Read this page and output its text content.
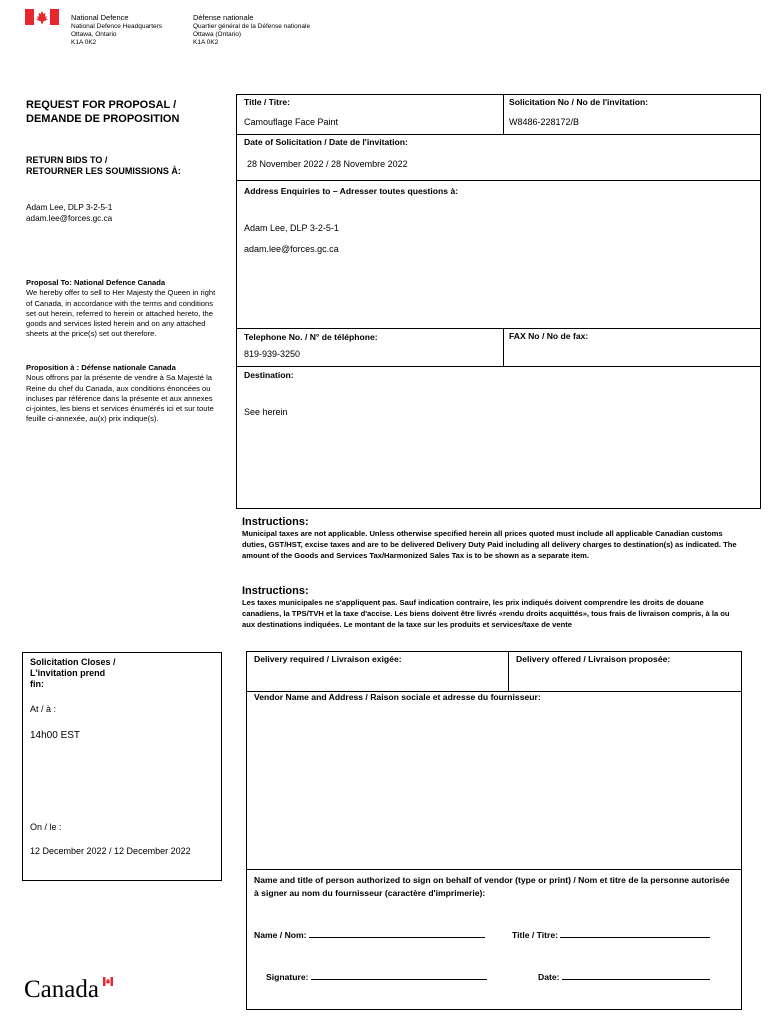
National Defence
National Defence Headquarters
Ottawa, Ontario
K1A 0K2
Défense nationale
Quartier général de la Défense nationale
Ottawa (Ontario)
K1A 0K2
REQUEST FOR PROPOSAL /
DEMANDE DE PROPOSITION
RETURN BIDS TO /
RETOURNER LES SOUMISSIONS À:
Adam Lee, DLP 3-2-5-1
adam.lee@forces.gc.ca
Proposal To: National Defence Canada
We hereby offer to sell to Her Majesty the Queen in right of Canada, in accordance with the terms and conditions set out herein, referred to herein or attached hereto, the goods and services listed herein and on any attached sheets at the price(s) set out therefore.
Proposition à : Défense nationale Canada
Nous offrons par la présente de vendre à Sa Majesté la Reine du chef du Canada, aux conditions énoncées ou incluses par référence dans la présente et aux annexes ci-jointes, les biens et services énumérés ici et sur toute feuille ci-annexée, au(x) prix indique(s).
Title / Titre:
Camouflage Face Paint
Solicitation No / No de l'invitation:
W8486-228172/B
Date of Solicitation / Date de l'invitation:
28 November 2022 / 28 Novembre 2022
Address Enquiries to – Adresser toutes questions à:
Adam Lee, DLP 3-2-5-1
adam.lee@forces.gc.ca
Telephone No. / N° de téléphone:
819-939-3250
FAX No / No de fax:
Destination:
See herein
Instructions:
Municipal taxes are not applicable. Unless otherwise specified herein all prices quoted must include all applicable Canadian customs duties, GST/HST, excise taxes and are to be delivered Delivery Duty Paid including all delivery charges to destination(s) as indicated. The amount of the Goods and Services Tax/Harmonized Sales Tax is to be shown as a separate item.
Instructions:
Les taxes municipales ne s'appliquent pas. Sauf indication contraire, les prix indiqués doivent comprendre les droits de douane canadiens, la TPS/TVH et la taxe d'accise. Les biens doivent être livrés «rendu droits acquittés», tous frais de livraison compris, à la ou aux destinations indiquées. Le montant de la taxe sur les produits et services/taxe de vente
Solicitation Closes /
L'invitation prend
fin:
At / à :
14h00 EST
On / le :
12 December 2022 / 12 December 2022
Delivery required / Livraison exigée:	Delivery offered / Livraison proposée:
Vendor Name and Address / Raison sociale et adresse du fournisseur:
Name and title of person authorized to sign on behalf of vendor (type or print) / Nom et titre de la personne autorisée à signer au nom du fournisseur (caractère d'imprimerie):
Name / Nom:	Title / Titre:
Signature:	Date:
Canada
